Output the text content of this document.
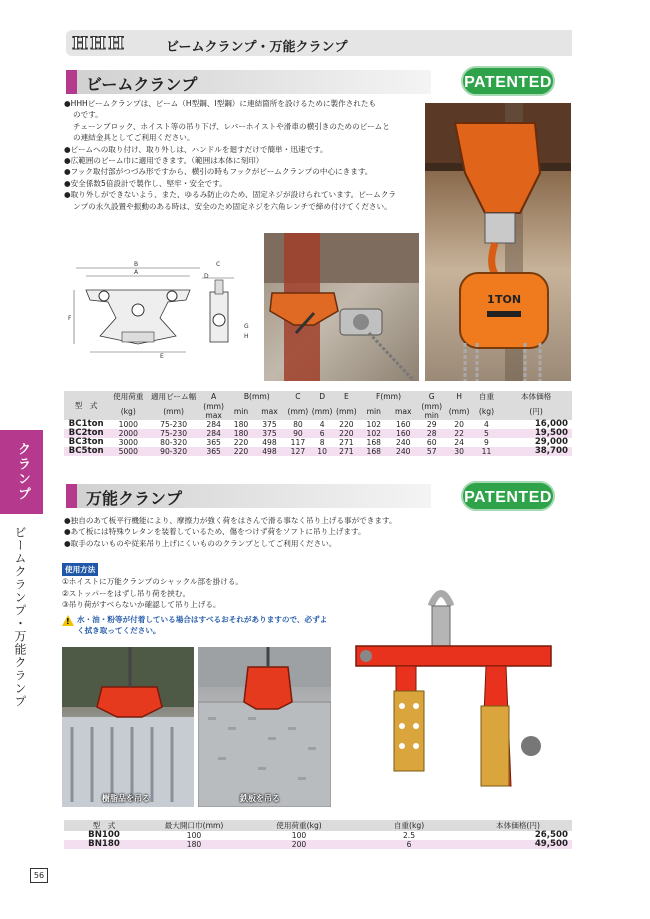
HHH	ビームクランプ・万能クランプ
ビームクランプ	PATENTED
●HHHビームクランプは、ビーム（H型鋼、I型鋼）に連結箇所を設けるために製作されたも
のです。
チェーンブロック、ホイスト等の吊り下げ、レバーホイストや滑車の横引きのためのビームと
の連結金具としてご利用ください。
●ビームへの取り付け、取り外しは、ハンドルを廻すだけで簡単・迅速です。
●広範囲のビーム巾に適用できます。（範囲は本体に刻印）
●フック取付部がつづみ形ですから、横引の時もフックがビームクランプの中心にきます。
●安全係数5倍設計で製作し、堅牢・安全です。
●取り外しができないよう、また、ゆるみ防止のため、固定ネジが設けられています。ビームクラ
ンプの永久設置や振動のある時は、安全のため固定ネジを六角レンチで締め付けてください。
1 TON
B
A
F
E
C
D
G
H
型　式	使用荷重	適用ビーム幅	A	B(mm)		C	D	E	F(mm)		G	H	自重	本体価格
	(kg)	(mm)	(mm) max	min	max	(mm)	(mm)	(mm)	min	max	(mm) min	(mm)	(kg)	(円)
BC1ton	1000	75-230	284	180	375	80	4	220	102	160	29	20	4	16,000
BC2ton	2000	75-230	284	180	375	90	6	220	102	160	28	22	5	19,500
BC3ton	3000	80-320	365	220	498	117	8	271	168	240	60	24	9	29,000
BC5ton	5000	90-320	365	220	498	127	10	271	168	240	57	30	11	38,700
クランプ
ビームクランプ・万能クランプ
万能クランプ	PATENTED
●独自のあて板平行機能により、摩擦力が強く荷をはさんで滑る事なく吊り上げる事ができます。
●あて板には特殊ウレタンを装着しているため、傷をつけず荷をソフトに吊り上げます。
●取手のないものや従来吊り上げにくいもののクランプとしてご利用ください。
使用方法
①ホイストに万能クランプのシャックル部を掛ける。
②ストッパーをはずし吊り荷を挟む。
③吊り荷がすべらないか確認して吊り上げる。
! 水・油・粉等が付着している場合はすべるおそれがありますので、必ずよく拭き取ってください。
樹脂品を吊る	鉄板を吊る
型　式	最大開口巾(mm)	使用荷重(kg)	自重(kg)	本体価格(円)
BN100	100	100	2.5	26,500
BN180	180	200	6	49,500
56
